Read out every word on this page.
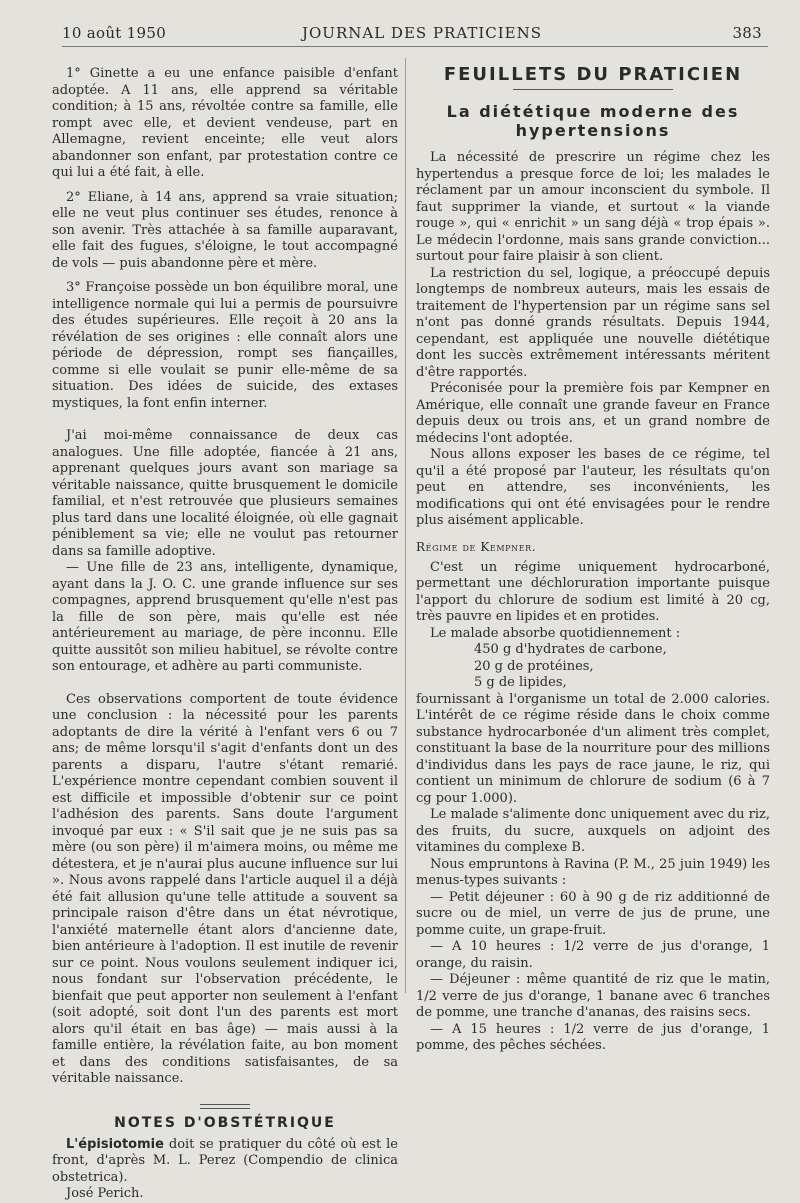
10 août 1950	JOURNAL DES PRATICIENS	383

1° Ginette a eu une enfance paisible d'enfant adoptée. A 11 ans, elle apprend sa véritable condition; à 15 ans, révoltée contre sa famille, elle rompt avec elle, et devient vendeuse, part en Allemagne, revient enceinte; elle veut alors abandonner son enfant, par protestation contre ce qui lui a été fait, à elle.

2° Eliane, à 14 ans, apprend sa vraie situation; elle ne veut plus continuer ses études, renonce à son avenir. Très attachée à sa famille auparavant, elle fait des fugues, s'éloigne, le tout accompagné de vols — puis abandonne père et mère.

3° Françoise possède un bon équilibre moral, une intelligence normale qui lui a permis de poursuivre des études supérieures. Elle reçoit à 20 ans la révélation de ses origines : elle connaît alors une période de dépression, rompt ses fiançailles, comme si elle voulait se punir elle-même de sa situation. Des idées de suicide, des extases mystiques, la font enfin interner.

J'ai moi-même connaissance de deux cas analogues. Une fille adoptée, fiancée à 21 ans, apprenant quelques jours avant son mariage sa véritable naissance, quitte brusquement le domicile familial, et n'est retrouvée que plusieurs semaines plus tard dans une localité éloignée, où elle gagnait péniblement sa vie; elle ne voulut pas retourner dans sa famille adoptive.

— Une fille de 23 ans, intelligente, dynamique, ayant dans la J. O. C. une grande influence sur ses compagnes, apprend brusquement qu'elle n'est pas la fille de son père, mais qu'elle est née antérieurement au mariage, de père inconnu. Elle quitte aussitôt son milieu habituel, se révolte contre son entourage, et adhère au parti communiste.

Ces observations comportent de toute évidence une conclusion : la nécessité pour les parents adoptants de dire la vérité à l'enfant vers 6 ou 7 ans; de même lorsqu'il s'agit d'enfants dont un des parents a disparu, l'autre s'étant remarié. L'expérience montre cependant combien souvent il est difficile et impossible d'obtenir sur ce point l'adhésion des parents. Sans doute l'argument invoqué par eux : « S'il sait que je ne suis pas sa mère (ou son père) il m'aimera moins, ou même me détestera, et je n'aurai plus aucune influence sur lui ». Nous avons rappelé dans l'article auquel il a déjà été fait allusion qu'une telle attitude a souvent sa principale raison d'être dans un état névrotique, l'anxiété maternelle étant alors d'ancienne date, bien antérieure à l'adoption. Il est inutile de revenir sur ce point. Nous voulons seulement indiquer ici, nous fondant sur l'observation précédente, le bienfait que peut apporter non seulement à l'enfant (soit adopté, soit dont l'un des parents est mort alors qu'il était en bas âge) — mais aussi à la famille entière, la révélation faite, au bon moment et dans des conditions satisfaisantes, de sa véritable naissance.

NOTES D'OBSTÉTRIQUE

L'épisiotomie doit se pratiquer du côté où est le front, d'après M. L. Perez (Compendio de clinica obstetrica).

José Perich.

FEUILLETS DU PRATICIEN
La diététique moderne des hypertensions

La nécessité de prescrire un régime chez les hypertendus a presque force de loi; les malades le réclament par un amour inconscient du symbole. Il faut supprimer la viande, et surtout « la viande rouge », qui « enrichit » un sang déjà « trop épais ». Le médecin l'ordonne, mais sans grande conviction... surtout pour faire plaisir à son client.

La restriction du sel, logique, a préoccupé depuis longtemps de nombreux auteurs, mais les essais de traitement de l'hypertension par un régime sans sel n'ont pas donné grands résultats. Depuis 1944, cependant, est appliquée une nouvelle diététique dont les succès extrêmement intéressants méritent d'être rapportés.

Préconisée pour la première fois par Kempner en Amérique, elle connaît une grande faveur en France depuis deux ou trois ans, et un grand nombre de médecins l'ont adoptée.

Nous allons exposer les bases de ce régime, tel qu'il a été proposé par l'auteur, les résultats qu'on peut en attendre, ses inconvénients, les modifications qui ont été envisagées pour le rendre plus aisément applicable.

Régime de Kempner.

C'est un régime uniquement hydrocarboné, permettant une déchloruration importante puisque l'apport du chlorure de sodium est limité à 20 cg, très pauvre en lipides et en protides.

Le malade absorbe quotidiennement :

450 g d'hydrates de carbone,

20 g de protéines,

5 g de lipides,

fournissant à l'organisme un total de 2.000 calories. L'intérêt de ce régime réside dans le choix comme substance hydrocarbonée d'un aliment très complet, constituant la base de la nourriture pour des millions d'individus dans les pays de race jaune, le riz, qui contient un minimum de chlorure de sodium (6 à 7 cg pour 1.000).

Le malade s'alimente donc uniquement avec du riz, des fruits, du sucre, auxquels on adjoint des vitamines du complexe B.

Nous empruntons à Ravina (P. M., 25 juin 1949) les menus-types suivants :

— Petit déjeuner : 60 à 90 g de riz additionné de sucre ou de miel, un verre de jus de prune, une pomme cuite, un grape-fruit.

— A 10 heures : 1/2 verre de jus d'orange, 1 orange, du raisin.

— Déjeuner : même quantité de riz que le matin, 1/2 verre de jus d'orange, 1 banane avec 6 tranches de pomme, une tranche d'ananas, des raisins secs.

— A 15 heures : 1/2 verre de jus d'orange, 1 pomme, des pêches séchées.
